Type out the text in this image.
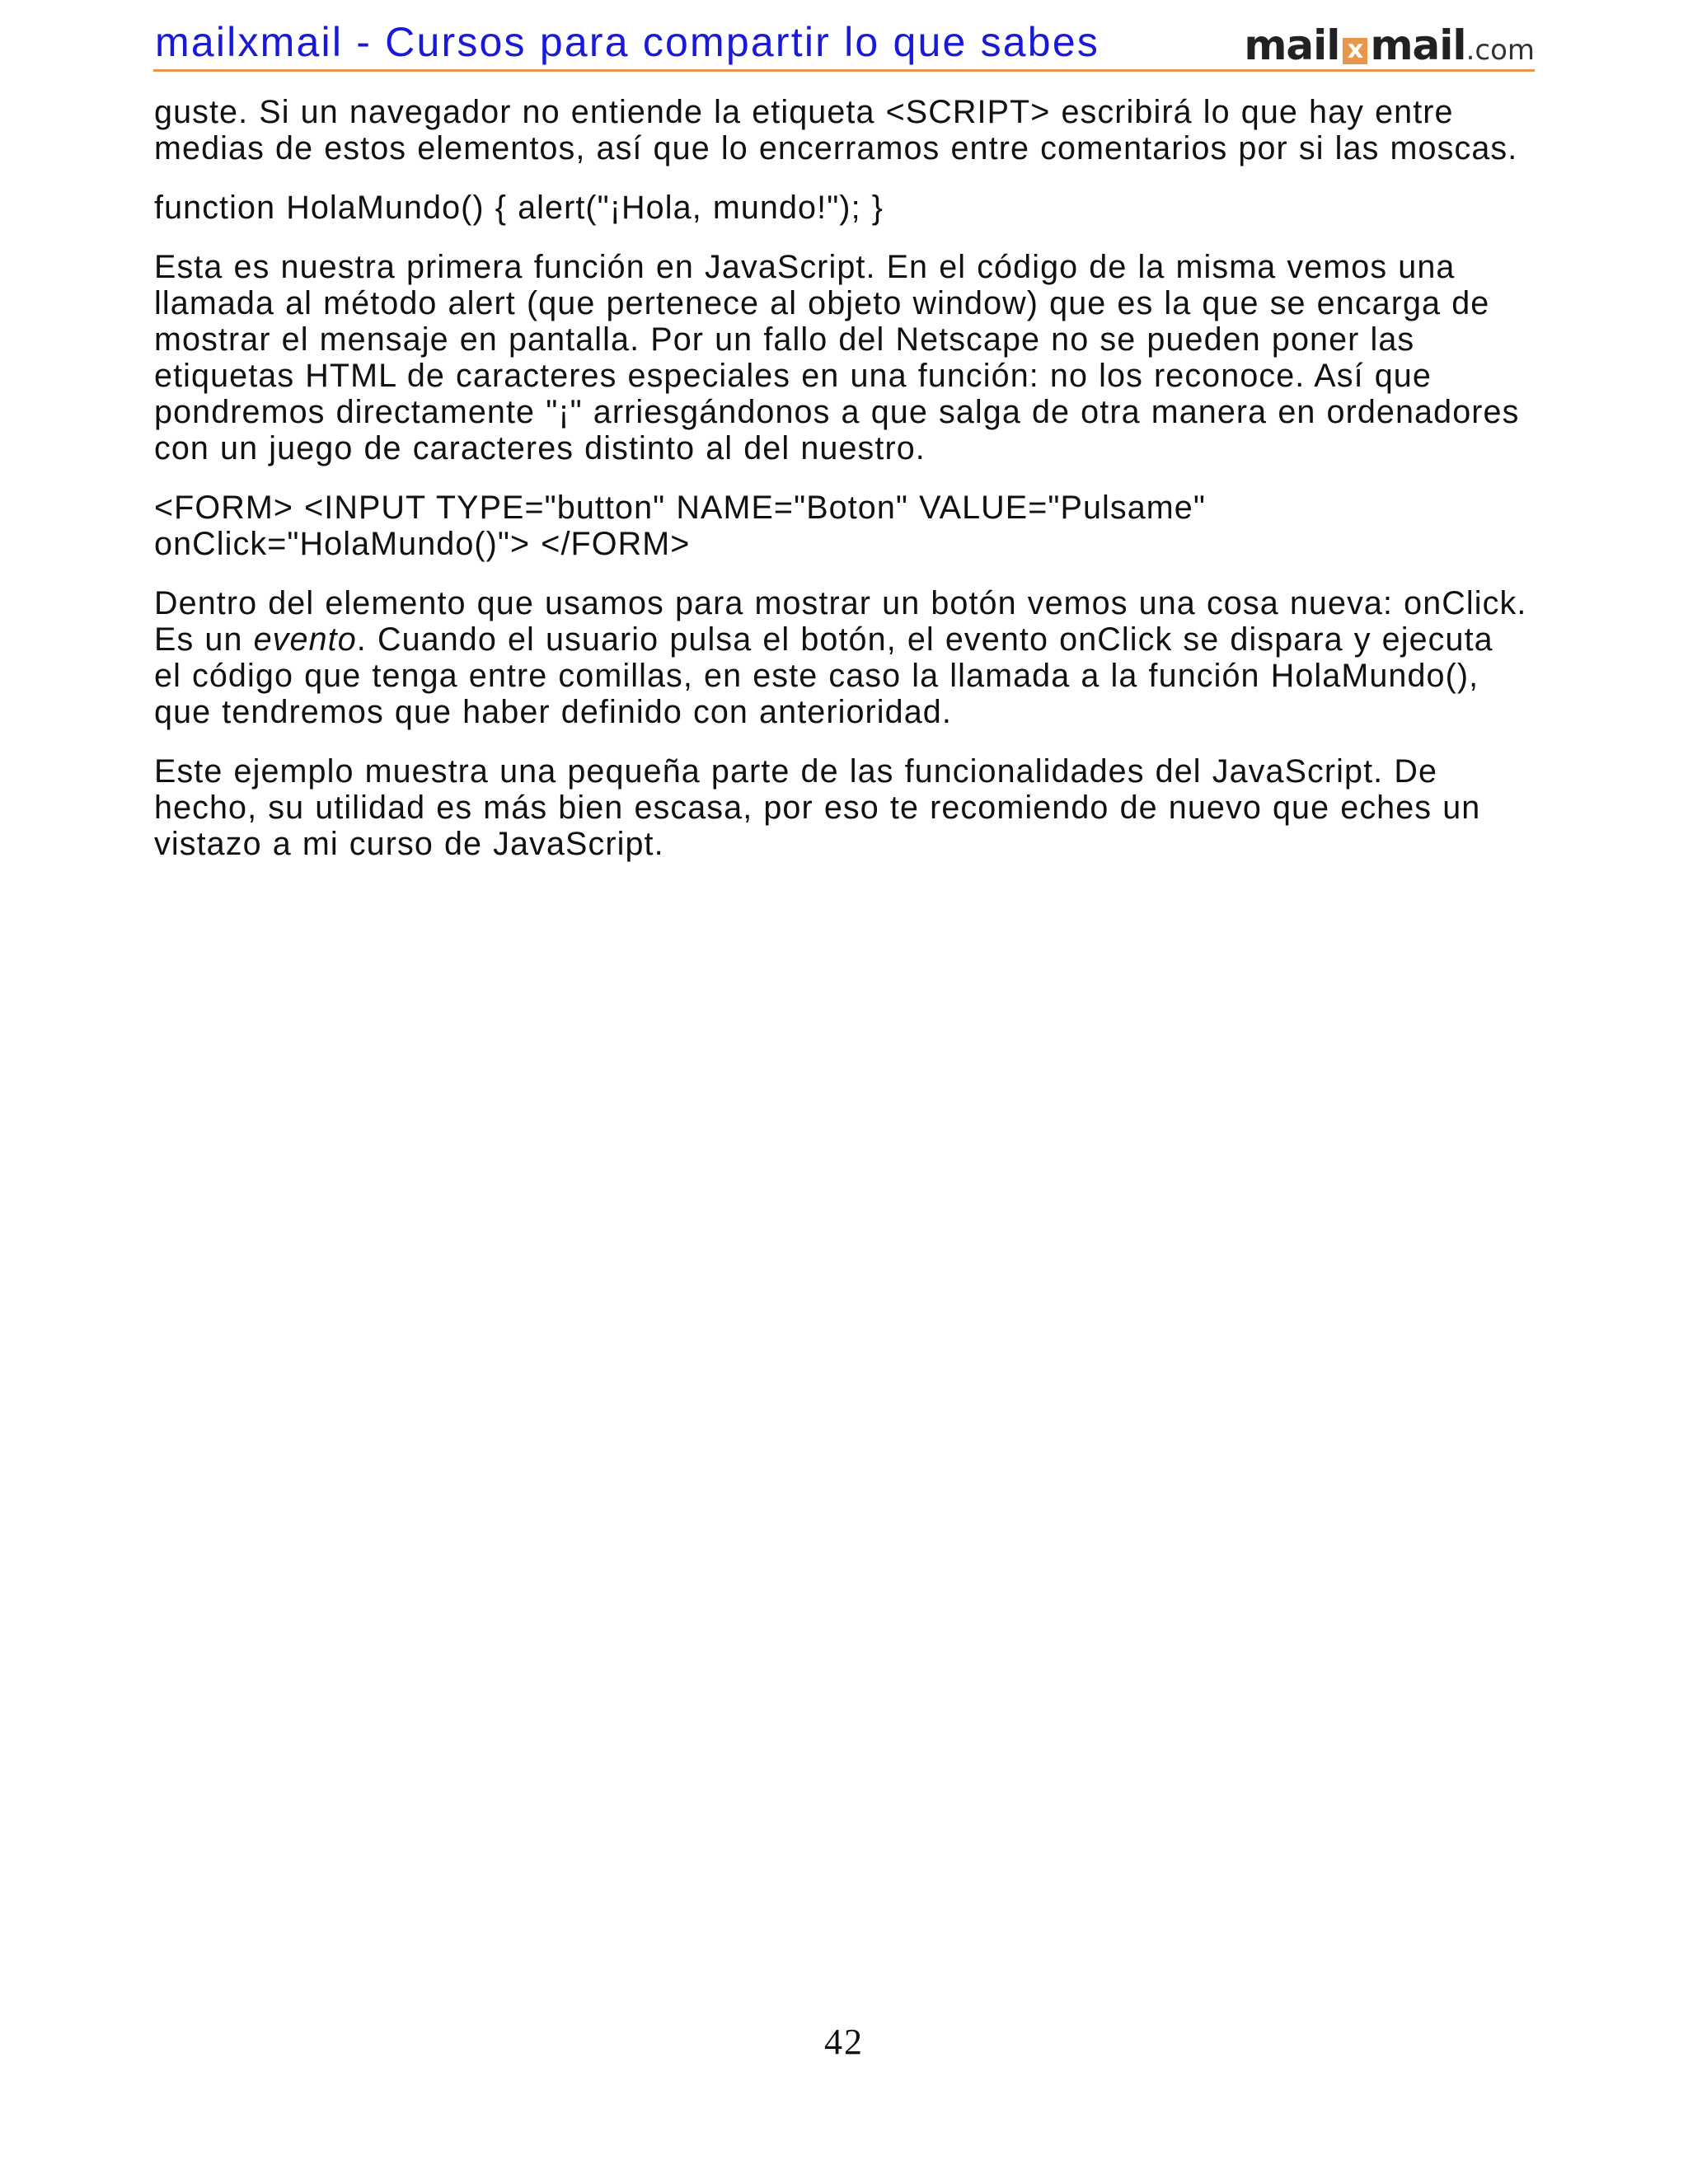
mailxmail - Cursos para compartir lo que sabes	mail x mail.com

guste. Si un navegador no entiende la etiqueta <SCRIPT> escribirá lo que hay entre medias de estos elementos, así que lo encerramos entre comentarios por si las moscas.

function HolaMundo() { alert("¡Hola, mundo!"); }

Esta es nuestra primera función en JavaScript. En el código de la misma vemos una llamada al método alert (que pertenece al objeto window) que es la que se encarga de mostrar el mensaje en pantalla. Por un fallo del Netscape no se pueden poner las etiquetas HTML de caracteres especiales en una función: no los reconoce. Así que pondremos directamente "¡" arriesgándonos a que salga de otra manera en ordenadores con un juego de caracteres distinto al del nuestro.

<FORM> <INPUT TYPE="button" NAME="Boton" VALUE="Pulsame" onClick="HolaMundo()"> </FORM>

Dentro del elemento que usamos para mostrar un botón vemos una cosa nueva: onClick. Es un evento. Cuando el usuario pulsa el botón, el evento onClick se dispara y ejecuta el código que tenga entre comillas, en este caso la llamada a la función HolaMundo(), que tendremos que haber definido con anterioridad.

Este ejemplo muestra una pequeña parte de las funcionalidades del JavaScript. De hecho, su utilidad es más bien escasa, por eso te recomiendo de nuevo que eches un vistazo a mi curso de JavaScript.

42
